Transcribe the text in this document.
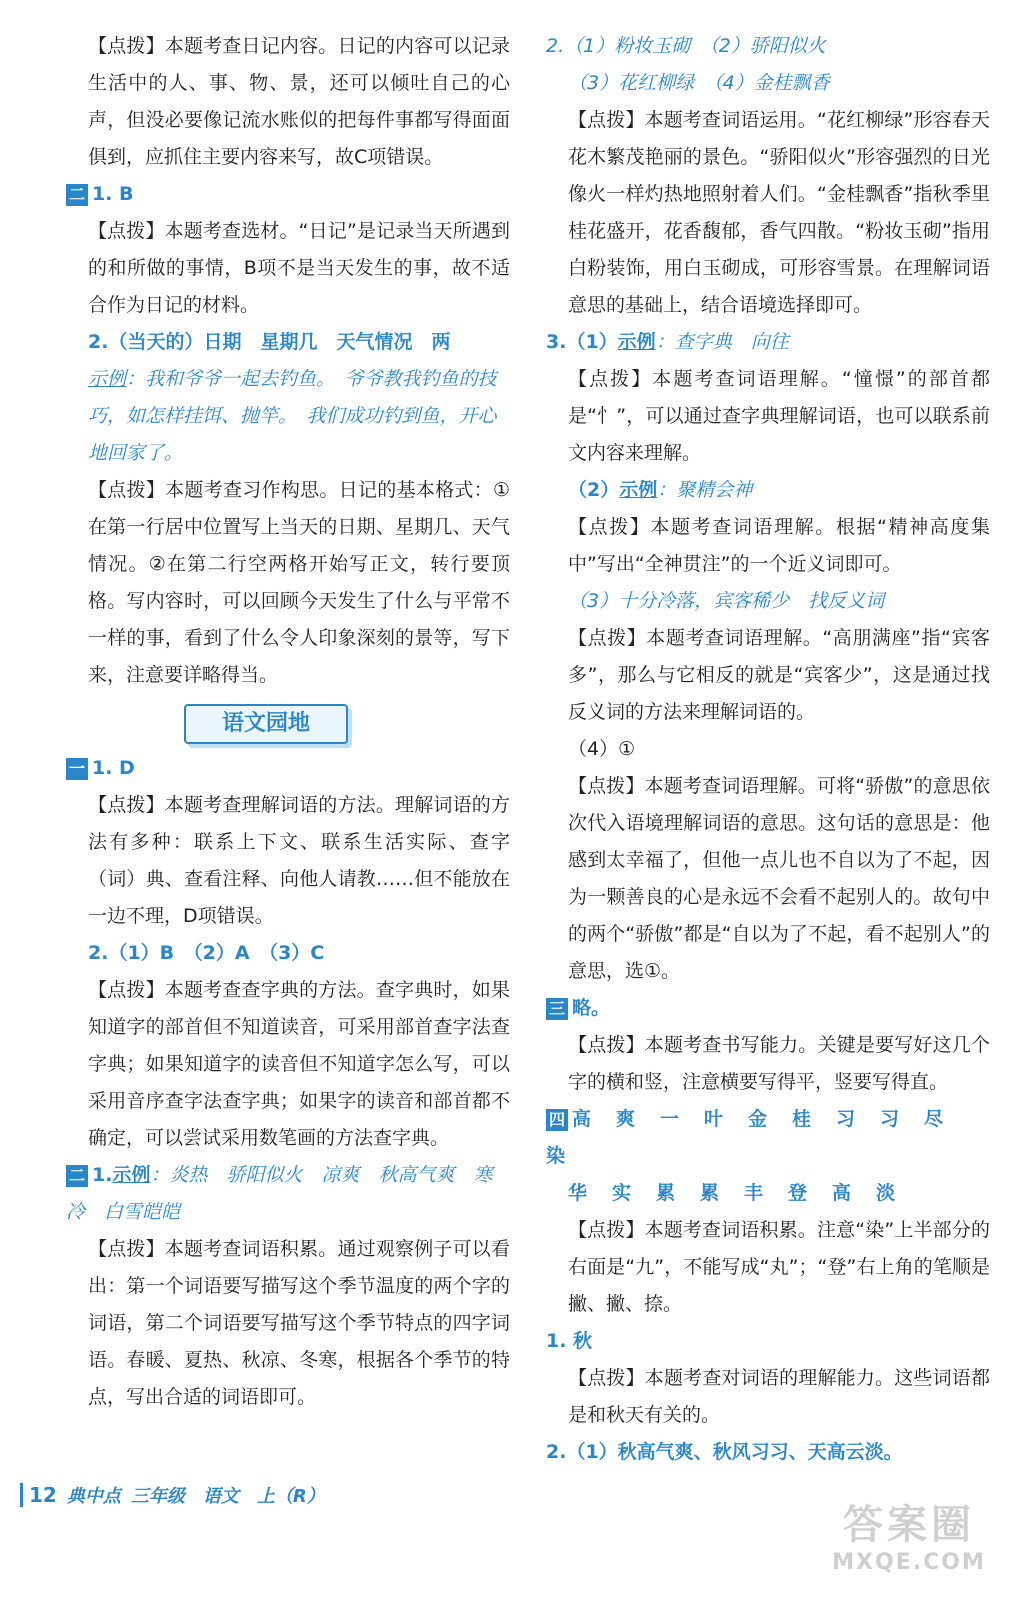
【点拨】本题考查日记内容。日记的内容可以记录生活中的人、事、物、景，还可以倾吐自己的心声，但没必要像记流水账似的把每件事都写得面面俱到，应抓住主要内容来写，故C项错误。
二 1. B
【点拨】本题考查选材。“日记”是记录当天所遇到的和所做的事情，B项不是当天发生的事，故不适合作为日记的材料。
2.（当天的）日期　星期几　天气情况　两
示例：我和爷爷一起去钓鱼。　爷爷教我钓鱼的技巧，如怎样挂饵、抛竿。　我们成功钓到鱼，开心地回家了。
【点拨】本题考查习作构思。日记的基本格式：①在第一行居中位置写上当天的日期、星期几、天气情况。②在第二行空两格开始写正文，转行要顶格。写内容时，可以回顾今天发生了什么与平常不一样的事，看到了什么令人印象深刻的景等，写下来，注意要详略得当。
语文园地
一 1. D
【点拨】本题考查理解词语的方法。理解词语的方法有多种：联系上下文、联系生活实际、查字（词）典、查看注释、向他人请教……但不能放在一边不理，D项错误。
2.（1）B　（2）A　（3）C
【点拨】本题考查查字典的方法。查字典时，如果知道字的部首但不知道读音，可采用部首查字法查字典；如果知道字的读音但不知道字怎么写，可以采用音序查字法查字典；如果字的读音和部首都不确定，可以尝试采用数笔画的方法查字典。
二 1.示例：炎热　骄阳似火　凉爽　秋高气爽　寒冷　白雪皑皑
【点拨】本题考查词语积累。通过观察例子可以看出：第一个词语要写描写这个季节温度的两个字的词语，第二个词语要写描写这个季节特点的四字词语。春暖、夏热、秋凉、冬寒，根据各个季节的特点，写出合适的词语即可。
2.（1）粉妆玉砌　（2）骄阳似火
（3）花红柳绿　（4）金桂飘香
【点拨】本题考查词语运用。“花红柳绿”形容春天花木繁茂艳丽的景色。“骄阳似火”形容强烈的日光像火一样灼热地照射着人们。“金桂飘香”指秋季里桂花盛开，花香馥郁，香气四散。“粉妆玉砌”指用白粉装饰，用白玉砌成，可形容雪景。在理解词语意思的基础上，结合语境选择即可。
3.（1）示例：查字典　向往
【点拨】本题考查词语理解。“憧憬”的部首都是“忄”，可以通过查字典理解词语，也可以联系前文内容来理解。
（2）示例：聚精会神
【点拨】本题考查词语理解。根据“精神高度集中”写出“全神贯注”的一个近义词即可。
（3）十分冷落，宾客稀少　找反义词
【点拨】本题考查词语理解。“高朋满座”指“宾客多”，那么与它相反的就是“宾客少”，这是通过找反义词的方法来理解词语的。
（4）①
【点拨】本题考查词语理解。可将“骄傲”的意思依次代入语境理解词语的意思。这句话的意思是：他感到太幸福了，但他一点儿也不自以为了不起，因为一颗善良的心是永远不会看不起别人的。故句中的两个“骄傲”都是“自以为了不起，看不起别人”的意思，选①。
三 略。
【点拨】本题考查书写能力。关键是要写好这几个字的横和竖，注意横要写得平，竖要写得直。
四 高 爽 一 叶 金 桂 习 习 尽染
华 实 累 累 丰 登 高 淡
【点拨】本题考查词语积累。注意“染”上半部分的右面是“九”，不能写成“丸”；“登”右上角的笔顺是撇、撇、捺。
1. 秋
【点拨】本题考查对词语的理解能力。这些词语都是和秋天有关的。
2.（1）秋高气爽、秋风习习、天高云淡。
12 典中点 三年级　语文　上（R）
答案圈
MXQE.COM
